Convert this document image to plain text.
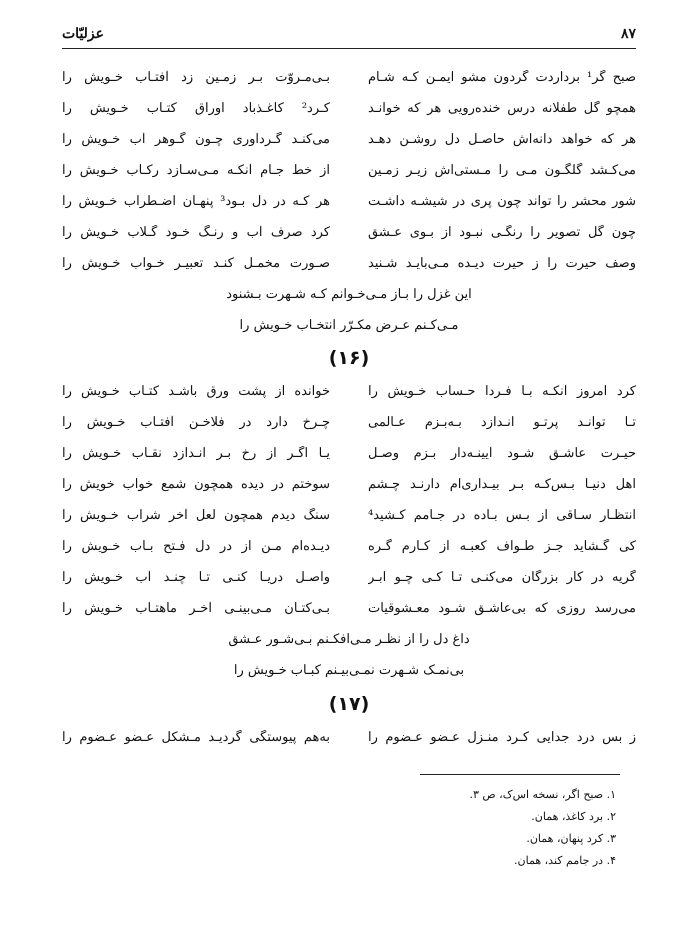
۸۷
عزلیّات
صبح گر¹ برداردت گردون مشو ایمـن کـه شـام
بـی‌مـروّت بـر زمـین زد آفتـاب خـویش را
همچو گل طفلانه درس خنده‌رویی هر که خوانـد
کـرد² کاغـذباد اوراق کتـاب خـویش را
هر که خواهد دانه‌اش حاصـل دل روشـن دهـد
می‌کنـد گـردآوری چـون گـوهر آب خـویش را
می‌کـشد گلگـون مـی را مـستی‌اش زیـر زمـین
از خط جـام آنکـه مـی‌سـازد رکـاب خـویش را
شور محشر را تواند چون پری در شیشـه داشـت
هر کـه در دل بـود³ پنهـان اضـطراب خـویش را
چون گل تصویر را رنگـی نبـود از بـوی عـشق
کرد صرف آب و رنـگ خـود گـلاب خـویش را
وصف حیرت را ز حیرت دیـده مـی‌بایـد شـنید
صـورت مخمـل کنـد تعبیـر خـواب خـویش را
این غزل را بـاز مـی‌خـوانم کـه شـهرت بـشنود
مـی‌کـنم عـرض مکـرّر انتخـاب خـویش را
(۱۶)
کرد امروز آنکـه بـا فـردا حـساب خـویش را
خوانده از پشت ورق باشـد کتـاب خـویش را
تـا توانـد پرتـو انـدازد بـه‌بـزم عـالمی
چـرخ دارد در فلاخـن آفتـاب خـویش را
حیـرت عاشـق شـود آیینـه‌دار بـزم وصـل
یـا اگـر از رخ بـر انـدازد نقـاب خـویش را
اهل دنیـا بـس‌کـه بـر بیـداری‌ام دارنـد چـشم
سوختم در دیده همچون شمع خواب خویش را
انتظـار سـاقی از بـس بـاده در جـامم کـشید⁴
سنگ دیدم همچون لعل آخر شراب خـویش را
کی گـشاید جـز طـواف کعبـه از کـارم گـره
دیـده‌ام مـن از در دل فـتح بـاب خـویش را
گریه در کار بزرگان می‌کنـی تـا کـی چـو ابـر
واصـل دریـا کنـی تـا چنـد آب خـویش را
می‌رسد روزی که بی‌عاشـق شـود معـشوقیات
بـی‌کتـان مـی‌بینـی آخـر ماهتـاب خـویش را
داغ دل را از نظـر مـی‌افکـنم بـی‌شـور عـشق
بی‌نمـک شـهرت نمـی‌بیـنم کبـاب خـویش را
(۱۷)
ز بس درد جدایی کـرد منـزل عـضو عـضوم را
به‌هم پیوستگی گردیـد مـشکل عـضو عـضوم را
۱. صبح اگر، نسخه اس‌ک، ص ۳.
۲. برد کاغذ، همان.
۳. کرد پنهان، همان.
۴. در جامم کند، همان.
